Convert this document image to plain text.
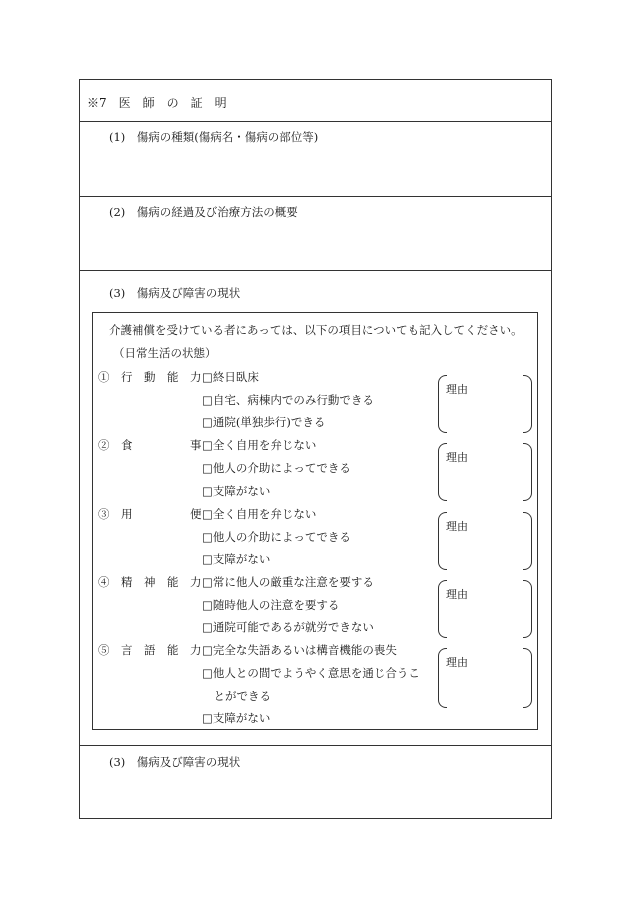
※7　医　師　の　証　明
(1)　傷病の種類(傷病名・傷病の部位等)
(2)　傷病の経過及び治療方法の概要
(3)　傷病及び障害の現状
介護補償を受けている者にあっては、以下の項目についても記入してください。
（日常生活の状態）
①　行　動　能　力 □終日臥床
□自宅、病棟内でのみ行動できる
□通院(単独歩行)できる
理由
②　食　　　　　事 □全く自用を弁じない
□他人の介助によってできる
□支障がない
理由
③　用　　　　　便 □全く自用を弁じない
□他人の介助によってできる
□支障がない
理由
④　精　神　能　力 □常に他人の厳重な注意を要する
□随時他人の注意を要する
□通院可能であるが就労できない
理由
⑤　言　語　能　力 □完全な失語あるいは構音機能の喪失
□他人との間でようやく意思を通じ合うこ
　とができる
□支障がない
理由
(3)　傷病及び障害の現状
